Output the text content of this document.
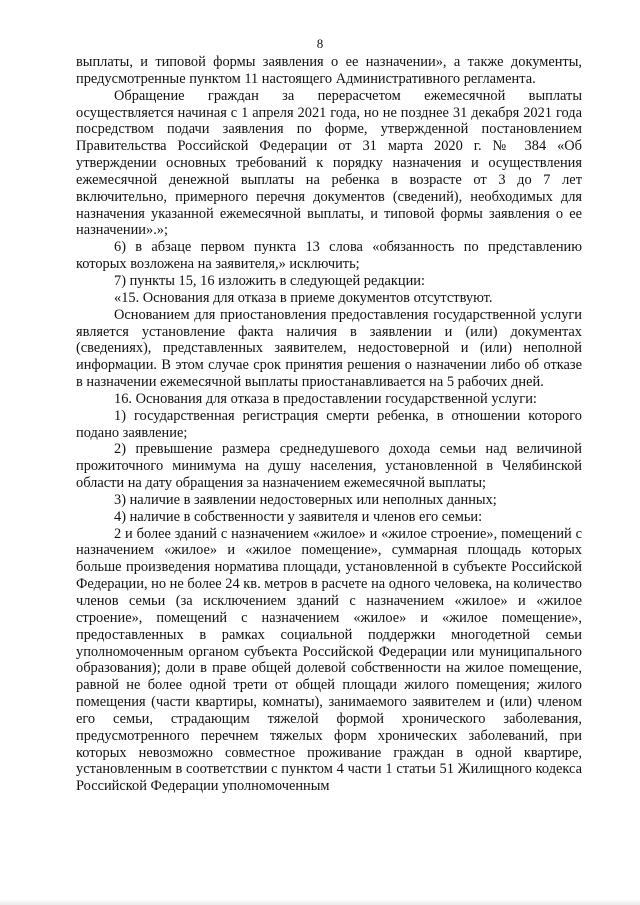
8

выплаты, и типовой формы заявления о ее назначении», а также документы, предусмотренные пунктом 11 настоящего Административного регламента.

Обращение граждан за перерасчетом ежемесячной выплаты осуществляется начиная с 1 апреля 2021 года, но не позднее 31 декабря 2021 года посредством подачи заявления по форме, утвержденной постановлением Правительства Российской Федерации от 31 марта 2020 г. № 384 «Об утверждении основных требований к порядку назначения и осуществления ежемесячной денежной выплаты на ребенка в возрасте от 3 до 7 лет включительно, примерного перечня документов (сведений), необходимых для назначения указанной ежемесячной выплаты, и типовой формы заявления о ее назначении».»;

6) в абзаце первом пункта 13 слова «обязанность по представлению которых возложена на заявителя,» исключить;

7) пункты 15, 16 изложить в следующей редакции:

«15. Основания для отказа в приеме документов отсутствуют.

Основанием для приостановления предоставления государственной услуги является установление факта наличия в заявлении и (или) документах (сведениях), представленных заявителем, недостоверной и (или) неполной информации. В этом случае срок принятия решения о назначении либо об отказе в назначении ежемесячной выплаты приостанавливается на 5 рабочих дней.

16. Основания для отказа в предоставлении государственной услуги:

1) государственная регистрация смерти ребенка, в отношении которого подано заявление;

2) превышение размера среднедушевого дохода семьи над величиной прожиточного минимума на душу населения, установленной в Челябинской области на дату обращения за назначением ежемесячной выплаты;

3) наличие в заявлении недостоверных или неполных данных;

4) наличие в собственности у заявителя и членов его семьи:

2 и более зданий с назначением «жилое» и «жилое строение», помещений с назначением «жилое» и «жилое помещение», суммарная площадь которых больше произведения норматива площади, установленной в субъекте Российской Федерации, но не более 24 кв. метров в расчете на одного человека, на количество членов семьи (за исключением зданий с назначением «жилое» и «жилое строение», помещений с назначением «жилое» и «жилое помещение», предоставленных в рамках социальной поддержки многодетной семьи уполномоченным органом субъекта Российской Федерации или муниципального образования); доли в праве общей долевой собственности на жилое помещение, равной не более одной трети от общей площади жилого помещения; жилого помещения (части квартиры, комнаты), занимаемого заявителем и (или) членом его семьи, страдающим тяжелой формой хронического заболевания, предусмотренного перечнем тяжелых форм хронических заболеваний, при которых невозможно совместное проживание граждан в одной квартире, установленным в соответствии с пунктом 4 части 1 статьи 51 Жилищного кодекса Российской Федерации уполномоченным
